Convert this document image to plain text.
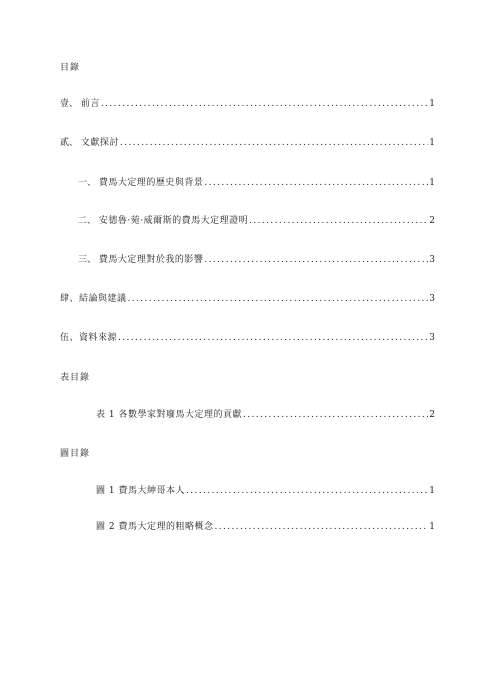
目錄
壹、 前言 .....	1
貳、 文獻探討 .....	1
一、 費馬大定理的歷史與背景 .....	1
二、 安德魯·菀·威爾斯的費馬大定理證明 .....	2
三、 費馬大定理對於我的影響 .....	3
肆、結論與建議 .....	3
伍、資料來源 .....	3
表目錄
表 1 各數學家對廢馬大定理的貢獻 .....	2
圖目錄
圖 1 費馬大紳哥本人 .....	1
圖 2 費馬大定理的粗略概念 .....	1
